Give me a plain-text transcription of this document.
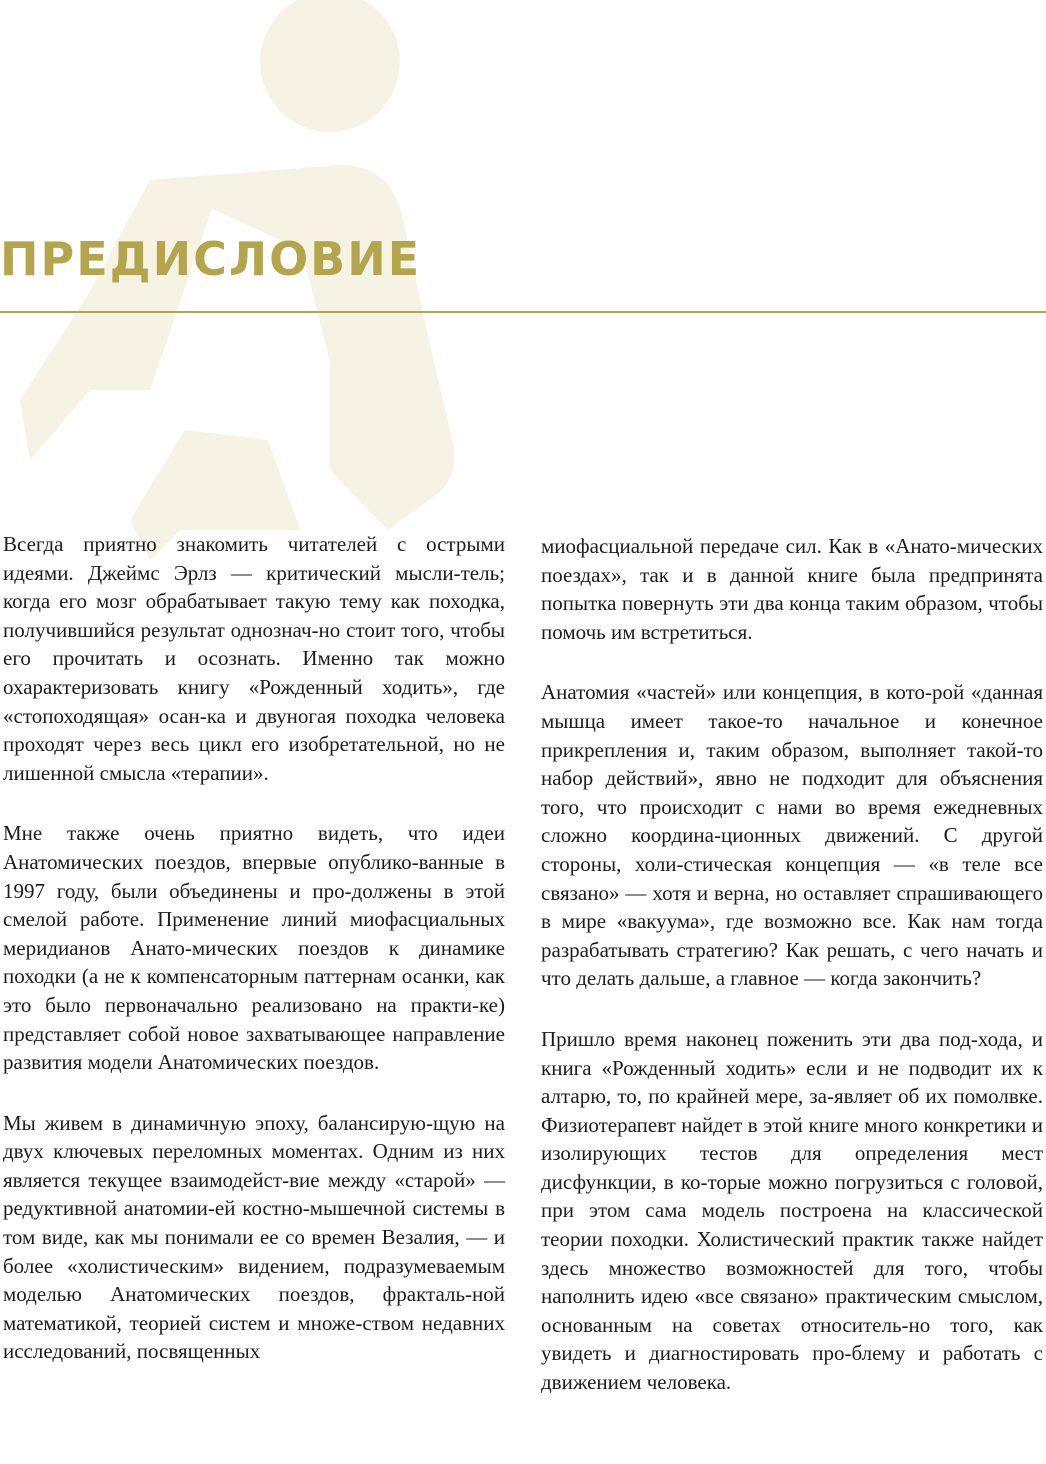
ПРЕДИСЛОВИЕ

Всегда приятно знакомить читателей с острыми идеями. Джеймс Эрлз — критический мысли-тель; когда его мозг обрабатывает такую тему как походка, получившийся результат однознач-но стоит того, чтобы его прочитать и осознать. Именно так можно охарактеризовать книгу «Рожденный ходить», где «стопоходящая» осан-ка и двуногая походка человека проходят через весь цикл его изобретательной, но не лишенной смысла «терапии».

Мне также очень приятно видеть, что идеи Анатомических поездов, впервые опублико-ванные в 1997 году, были объединены и про-должены в этой смелой работе. Применение линий миофасциальных меридианов Анато-мических поездов к динамике походки (а не к компенсаторным паттернам осанки, как это было первоначально реализовано на практи-ке) представляет собой новое захватывающее направление развития модели Анатомических поездов.

Мы живем в динамичную эпоху, балансирую-щую на двух ключевых переломных моментах. Одним из них является текущее взаимодейст-вие между «старой» — редуктивной анатомии-ей костно-мышечной системы в том виде, как мы понимали ее со времен Везалия, — и более «холистическим» видением, подразумеваемым моделью Анатомических поездов, фракталь-ной математикой, теорией систем и множе-ством недавних исследований, посвященных

миофасциальной передаче сил. Как в «Анато-мических поездах», так и в данной книге была предпринята попытка повернуть эти два конца таким образом, чтобы помочь им встретиться.

Анатомия «частей» или концепция, в кото-рой «данная мышца имеет такое-то начальное и конечное прикрепления и, таким образом, выполняет такой-то набор действий», явно не подходит для объяснения того, что происходит с нами во время ежедневных сложно координа-ционных движений. С другой стороны, холи-стическая концепция — «в теле все связано» — хотя и верна, но оставляет спрашивающего в мире «вакуума», где возможно все. Как нам тогда разрабатывать стратегию? Как решать, с чего начать и что делать дальше, а главное — когда закончить?

Пришло время наконец поженить эти два под-хода, и книга «Рожденный ходить» если и не подводит их к алтарю, то, по крайней мере, за-являет об их помолвке. Физиотерапевт найдет в этой книге много конкретики и изолирующих тестов для определения мест дисфункции, в ко-торые можно погрузиться с головой, при этом сама модель построена на классической теории походки. Холистический практик также найдет здесь множество возможностей для того, чтобы наполнить идею «все связано» практическим смыслом, основанным на советах относитель-но того, как увидеть и диагностировать про-блему и работать с движением человека.
